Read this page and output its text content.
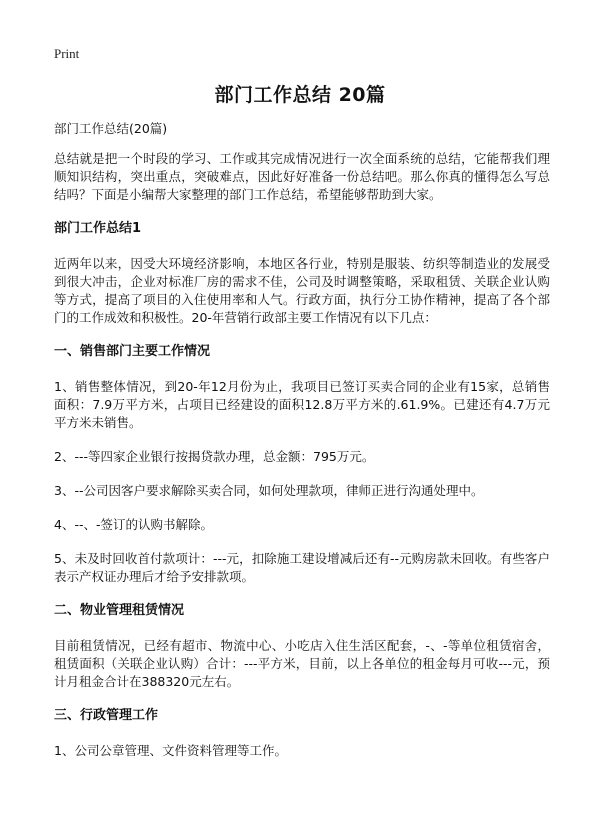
Print
部门工作总结 20篇

部门工作总结(20篇)

总结就是把一个时段的学习、工作或其完成情况进行一次全面系统的总结，它能帮我们理顺知识结构，突出重点，突破难点，因此好好准备一份总结吧。那么你真的懂得怎么写总结吗？下面是小编帮大家整理的部门工作总结，希望能够帮助到大家。

部门工作总结1

近两年以来，因受大环境经济影响，本地区各行业，特别是服装、纺织等制造业的发展受到很大冲击，企业对标准厂房的需求不佳，公司及时调整策略，采取租赁、关联企业认购等方式，提高了项目的入住使用率和人气。行政方面，执行分工协作精神，提高了各个部门的工作成效和积极性。20-年营销行政部主要工作情况有以下几点：

一、销售部门主要工作情况

1、销售整体情况，到20-年12月份为止，我项目已签订买卖合同的企业有15家，总销售面积：7.9万平方米，占项目已经建设的面积12.8万平方米的.61.9%。已建还有4.7万元平方米未销售。

2、---等四家企业银行按揭贷款办理，总金额：795万元。

3、--公司因客户要求解除买卖合同，如何处理款项，律师正进行沟通处理中。

4、--、-签订的认购书解除。

5、未及时回收首付款项计：---元，扣除施工建设增减后还有--元购房款未回收。有些客户表示产权证办理后才给予安排款项。

二、物业管理租赁情况

目前租赁情况，已经有超市、物流中心、小吃店入住生活区配套，-、-等单位租赁宿舍，租赁面积（关联企业认购）合计：---平方米，目前，以上各单位的租金每月可收---元，预计月租金合计在388320元左右。

三、行政管理工作

1、公司公章管理、文件资料管理等工作。
